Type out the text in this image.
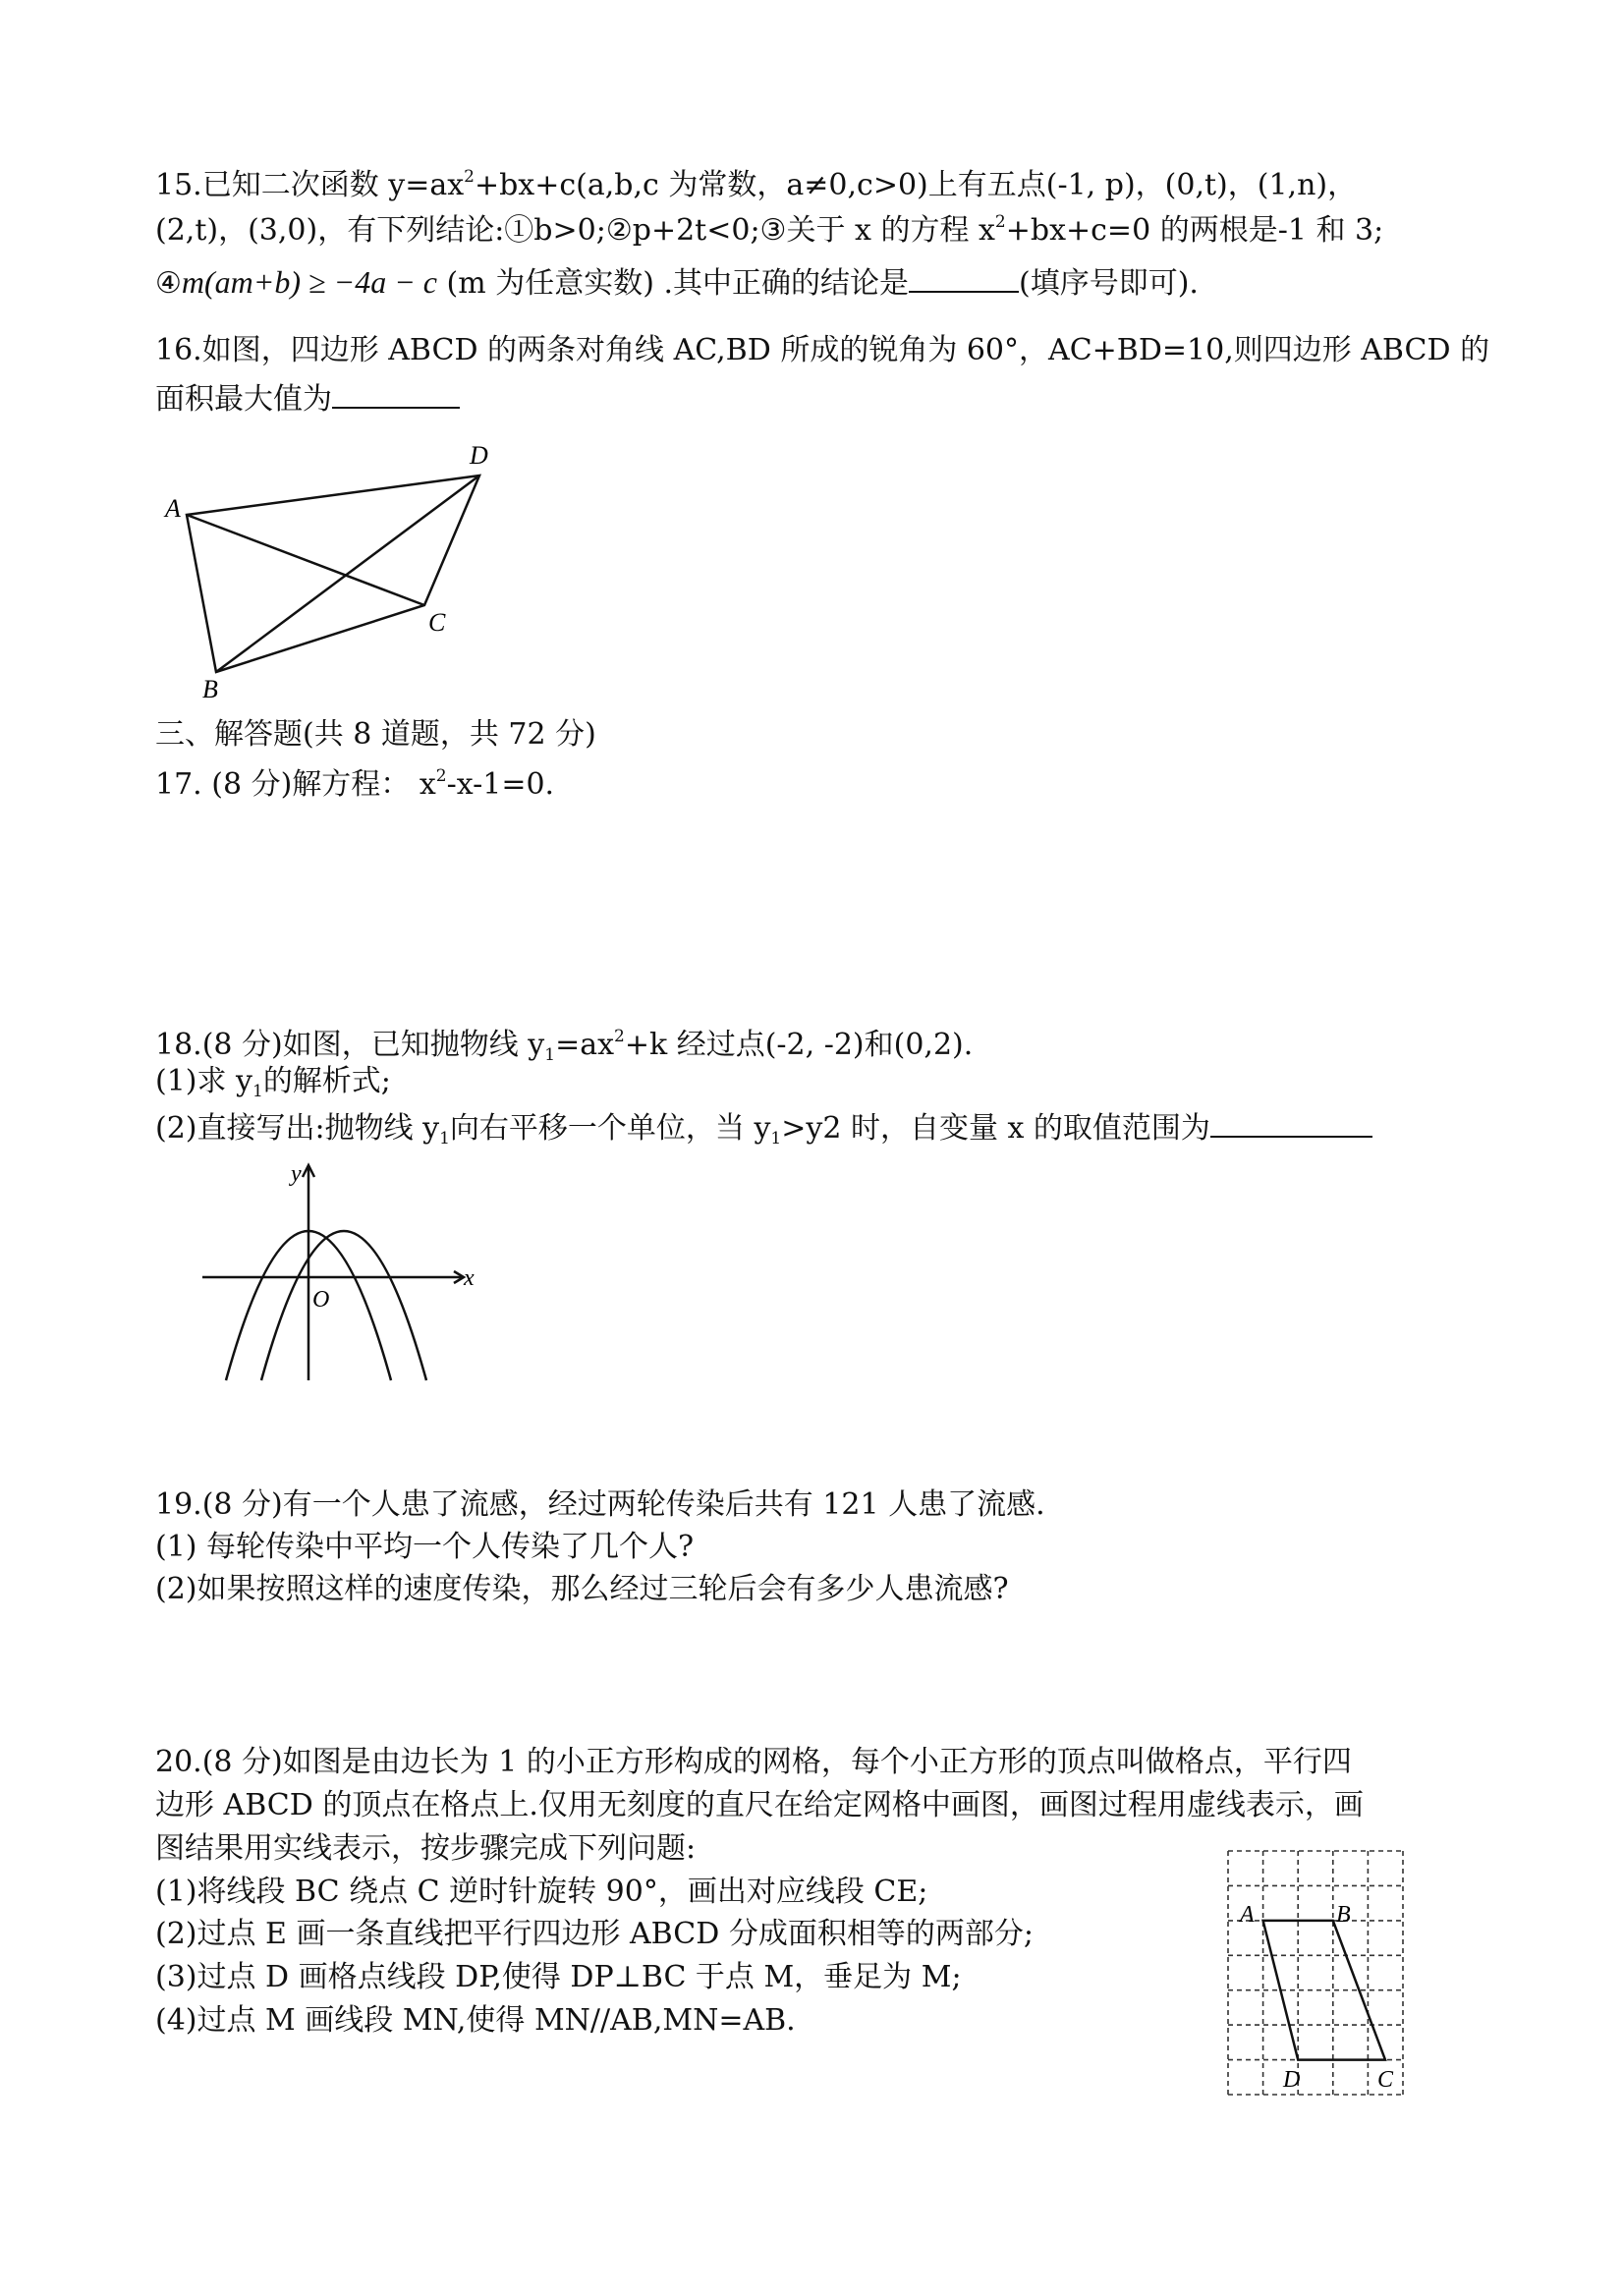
15.已知二次函数 $y=ax^2+bx+c(a,b,c$ 为常数，a≠0,c>0)上有五点(-1, p)，(0,t)，(1,n)，
(2,t)，(3,0)，有下列结论:①b>0;②p+2t<0;③关于 x 的方程 $x^2+bx+c=0$ 的两根是-1 和 3;
④m(am+b) ≥ −4a − c (m 为任意实数) .其中正确的结论是	(填序号即可).
16.如图，四边形 ABCD 的两条对角线 AC,BD 所成的锐角为 60°，AC+BD=10,则四边形 ABCD 的
面积最大值为
A
D
C
B
三、解答题(共 8 道题，共 72 分)
17. (8 分)解方程： $x^2-x-1=0$.
18.(8 分)如图，已知抛物线 $y_1=ax^2+k$ 经过点(-2, -2)和(0,2).
(1)求 $y_1$的解析式;
(2)直接写出:抛物线 $y_1$向右平移一个单位，当 $y_1>y2$ 时，自变量 x 的取值范围为
y
x
O
19.(8 分)有一个人患了流感，经过两轮传染后共有 121 人患了流感.
(1) 每轮传染中平均一个人传染了几个人?
(2)如果按照这样的速度传染，那么经过三轮后会有多少人患流感?
20.(8 分)如图是由边长为 1 的小正方形构成的网格，每个小正方形的顶点叫做格点，平行四
边形 ABCD 的顶点在格点上.仅用无刻度的直尺在给定网格中画图，画图过程用虚线表示，画
图结果用实线表示，按步骤完成下列问题:
(1)将线段 BC 绕点 C 逆时针旋转 90°，画出对应线段 CE;
(2)过点 E 画一条直线把平行四边形 ABCD 分成面积相等的两部分;
(3)过点 D 画格点线段 DP,使得 DP⊥BC 于点 M，垂足为 M;
(4)过点 M 画线段 MN,使得 MN//AB,MN=AB.
A	B
D	C
